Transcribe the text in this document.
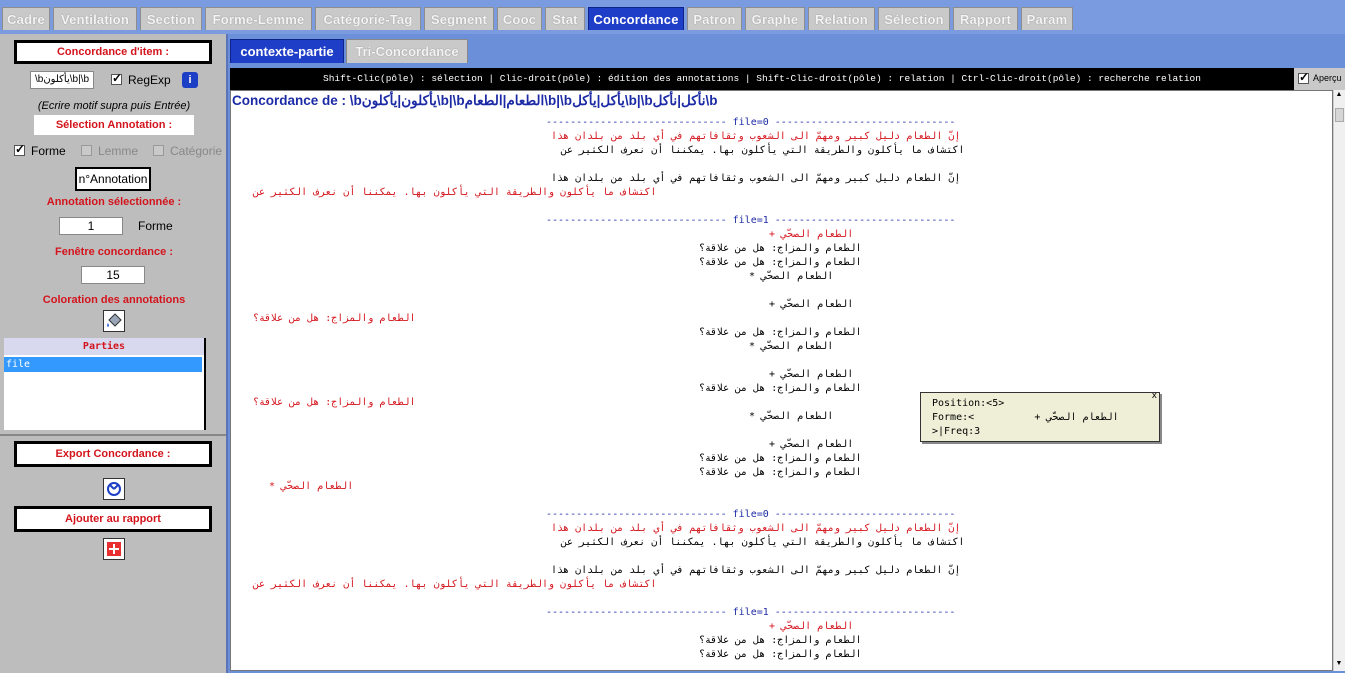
Cadre	Ventilation	Section	Forme-Lemme	Catégorie-Tag	Segment	Cooc	Stat	Concordance	Patron	Graphe	Relation	Sélection	Rapport	Param
Concordance d'item :
\bيأكلون\b|\b ✓	RegExp	i
(Ecrire motif supra puis Entrée)
Sélection Annotation :
✓
Forme	Lemme	Catégorie
n°Annotation
Annotation sélectionnée :
1	Forme
Fenêtre concordance :
15
Coloration des annotations
Parties
file
Export Concordance :
Ajouter au rapport
contexte-partie	Tri-Concordance
Shift-Clic(pôle) : sélection | Clic-droit(pôle) : édition des annotations | Shift-Clic-droit(pôle) : relation | Ctrl-Clic-droit(pôle) : recherche relation ✓	Aperçu
Concordance de : \bيأكلون|يأكلون\b|\bالطعام|الطعام\b|\bيأكل|يأكل\b|\bنأكل|نأكل\b
------------------------------ file=0 ------------------------------
إنّ الطعام دليل كبير ومهمّ الى الشعوب وثقافاتهم في أي بلد من بلدان هذا
اكتشاف ما يأكلون والطريقة التي يأكلون بها. يمكننا أن نعرف الكثير عن
إنّ الطعام دليل كبير ومهمّ الى الشعوب وثقافاتهم في أي بلد من بلدان هذا
اكتشاف ما يأكلون والطريقة التي يأكلون بها. يمكننا أن نعرف الكثير عن
------------------------------ file=1 ------------------------------
+ الطعام الصحّي
الطعام والمزاج: هل من علاقة؟
الطعام والمزاج: هل من علاقة؟
* الطعام الصحّي
+ الطعام الصحّي
الطعام والمزاج: هل من علاقة؟
الطعام والمزاج: هل من علاقة؟
* الطعام الصحّي
+ الطعام الصحّي
الطعام والمزاج: هل من علاقة؟
الطعام والمزاج: هل من علاقة؟
* الطعام الصحّي
+ الطعام الصحّي
الطعام والمزاج: هل من علاقة؟
الطعام والمزاج: هل من علاقة؟
* الطعام الصحّي
------------------------------ file=0 ------------------------------
إنّ الطعام دليل كبير ومهمّ الى الشعوب وثقافاتهم في أي بلد من بلدان هذا
اكتشاف ما يأكلون والطريقة التي يأكلون بها. يمكننا أن نعرف الكثير عن
إنّ الطعام دليل كبير ومهمّ الى الشعوب وثقافاتهم في أي بلد من بلدان هذا
اكتشاف ما يأكلون والطريقة التي يأكلون بها. يمكننا أن نعرف الكثير عن
------------------------------ file=1 ------------------------------
+ الطعام الصحّي
الطعام والمزاج: هل من علاقة؟
الطعام والمزاج: هل من علاقة؟
▲
▼
Position:<5>
Forme:<          + الطعام الصحّي
>|Freq:3
x
